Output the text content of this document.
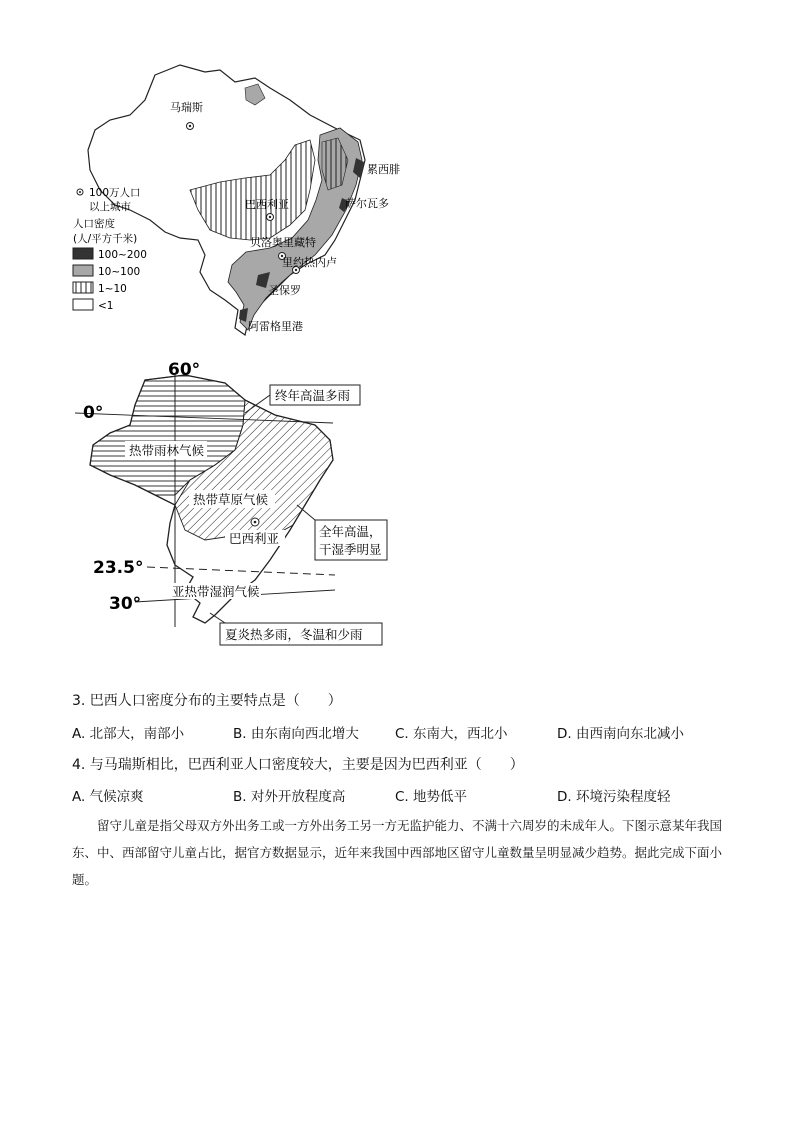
马瑞斯
累西腓
萨尔瓦多
巴西利亚
贝洛奥里藏特
里约热内卢
圣保罗
阿雷格里港
100万人口
以上城市
人口密度
(人/平方千米)
100~200
10~100
1~10
<1
60°
0°
23.5°
30°
热带雨林气候
热带草原气候
巴西利亚
亚热带湿润气候
终年高温多雨
全年高温，
干湿季明显
夏炎热多雨，冬温和少雨
3. 巴西人口密度分布的主要特点是（　　）
A. 北部大，南部小	B. 由东南向西北增大	C. 东南大，西北小	D. 由西南向东北减小
4. 与马瑞斯相比，巴西利亚人口密度较大，主要是因为巴西利亚（　　）
A. 气候凉爽	B. 对外开放程度高	C. 地势低平	D. 环境污染程度轻
留守儿童是指父母双方外出务工或一方外出务工另一方无监护能力、不满十六周岁的未成年人。下图示意某年我国东、中、西部留守儿童占比，据官方数据显示，近年来我国中西部地区留守儿童数量呈明显减少趋势。据此完成下面小题。
